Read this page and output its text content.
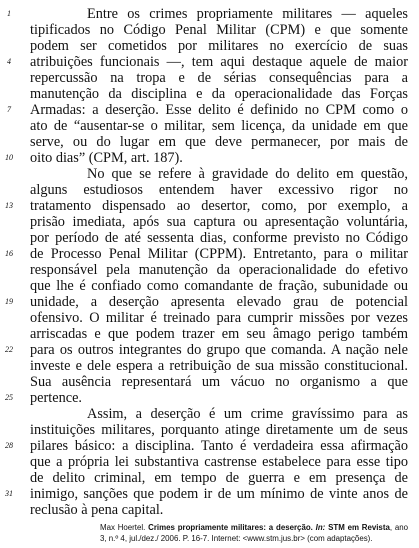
Entre os crimes propriamente militares — aqueles
tipificados no Código Penal Militar (CPM) e que somente
podem ser cometidos por militares no exercício de suas
atribuições funcionais —, tem aqui destaque aquele de maior
repercussão na tropa e de sérias consequências para a
manutenção da disciplina e da operacionalidade das Forças
Armadas: a deserção. Esse delito é definido no CPM como o
ato de “ausentar-se o militar, sem licença, da unidade em que
serve, ou do lugar em que deve permanecer, por mais de
oito dias” (CPM, art. 187).
No que se refere à gravidade do delito em questão,
alguns estudiosos entendem haver excessivo rigor no
tratamento dispensado ao desertor, como, por exemplo, a
prisão imediata, após sua captura ou apresentação voluntária,
por período de até sessenta dias, conforme previsto no Código
de Processo Penal Militar (CPPM). Entretanto, para o militar
responsável pela manutenção da operacionalidade do efetivo
que lhe é confiado como comandante de fração, subunidade ou
unidade, a deserção apresenta elevado grau de potencial
ofensivo. O militar é treinado para cumprir missões por vezes
arriscadas e que podem trazer em seu âmago perigo também
para os outros integrantes do grupo que comanda. A nação nele
investe e dele espera a retribuição de sua missão constitucional.
Sua ausência representará um vácuo no organismo a que
pertence.
Assim, a deserção é um crime gravíssimo para as
instituições militares, porquanto atinge diretamente um de seus
pilares básico: a disciplina. Tanto é verdadeira essa afirmação
que a própria lei substantiva castrense estabelece para esse tipo
de delito criminal, em tempo de guerra e em presença de
inimigo, sanções que podem ir de um mínimo de vinte anos de
reclusão à pena capital.
1
4
7
10
13
16
19
22
25
28
31
Max Hoertel. Crimes propriamente militares: a deserção. In: STM em Revista, ano
3, n.º 4, jul./dez./ 2006. P. 16-7. Internet: <www.stm.jus.br> (com adaptações).
